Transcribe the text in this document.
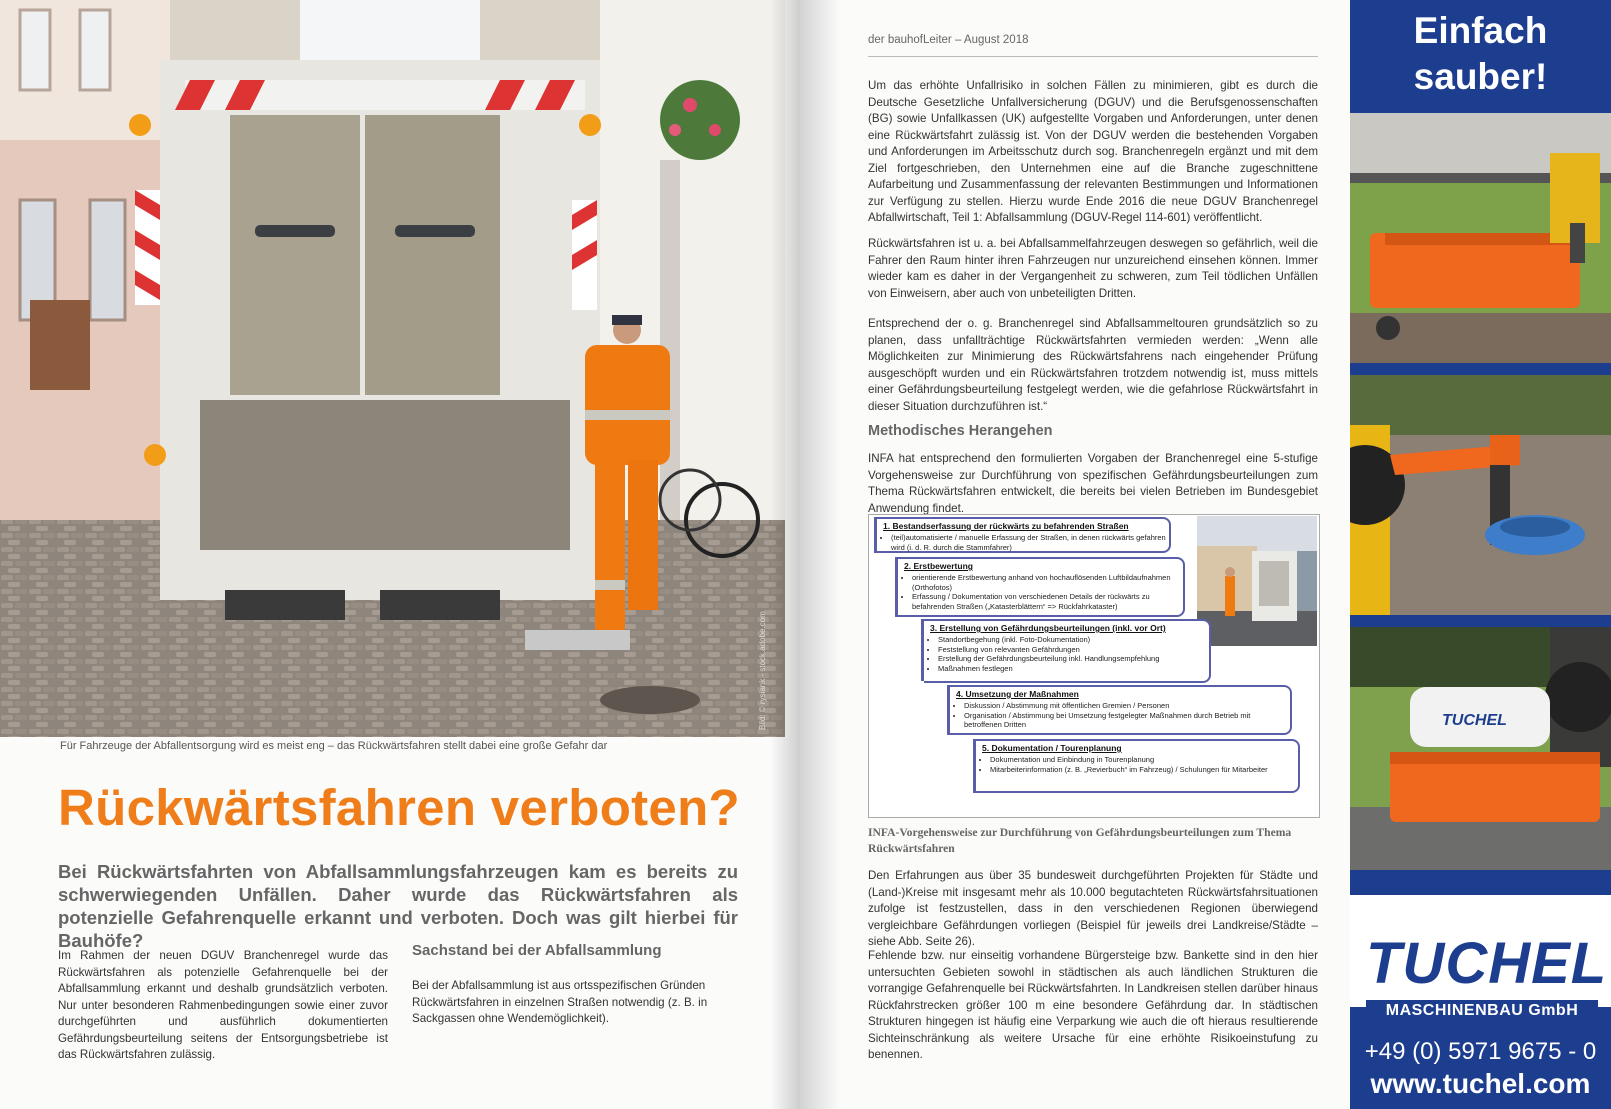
Bild: © rysiank - stock.adobe.com
Für Fahrzeuge der Abfallentsorgung wird es meist eng – das Rückwärtsfahren stellt dabei eine große Gefahr dar
Rückwärtsfahren verboten?
Bei Rückwärtsfahrten von Abfallsammlungsfahrzeugen kam es bereits zu schwerwiegenden Unfällen. Daher wurde das Rückwärtsfahren als potenzielle Gefahrenquelle erkannt und verboten. Doch was gilt hierbei für Bauhöfe?
Im Rahmen der neuen DGUV Branchenregel wurde das Rückwärtsfahren als potenzielle Gefahrenquelle bei der Abfallsammlung erkannt und deshalb grundsätzlich verboten. Nur unter besonderen Rahmenbedingungen sowie einer zuvor durchgeführten und ausführlich dokumentierten Gefährdungsbeurteilung seitens der Entsorgungsbetriebe ist das Rückwärtsfahren zulässig.
Sachstand bei der Abfallsammlung
Bei der Abfallsammlung ist aus ortsspezifischen Gründen Rückwärtsfahren in einzelnen Straßen notwendig (z. B. in Sackgassen ohne Wendemöglichkeit).
der bauhofLeiter – August 2018
Um das erhöhte Unfallrisiko in solchen Fällen zu minimieren, gibt es durch die Deutsche Gesetzliche Unfallversicherung (DGUV) und die Berufsgenossenschaften (BG) sowie Unfallkassen (UK) aufgestellte Vorgaben und Anforderungen, unter denen eine Rückwärtsfahrt zulässig ist. Von der DGUV werden die bestehenden Vorgaben und Anforderungen im Arbeitsschutz durch sog. Branchenregeln ergänzt und mit dem Ziel fortgeschrieben, den Unternehmen eine auf die Branche zugeschnittene Aufarbeitung und Zusammenfassung der relevanten Bestimmungen und Informationen zur Verfügung zu stellen. Hierzu wurde Ende 2016 die neue DGUV Branchenregel Abfallwirtschaft, Teil 1: Abfallsammlung (DGUV-Regel 114-601) veröffentlicht.
Rückwärtsfahren ist u. a. bei Abfallsammelfahrzeugen deswegen so gefährlich, weil die Fahrer den Raum hinter ihren Fahrzeugen nur unzureichend einsehen können. Immer wieder kam es daher in der Vergangenheit zu schweren, zum Teil tödlichen Unfällen von Einweisern, aber auch von unbeteiligten Dritten.
Entsprechend der o. g. Branchenregel sind Abfallsammeltouren grundsätzlich so zu planen, dass unfallträchtige Rückwärtsfahrten vermieden werden: „Wenn alle Möglichkeiten zur Minimierung des Rückwärtsfahrens nach eingehender Prüfung ausgeschöpft wurden und ein Rückwärtsfahren trotzdem notwendig ist, muss mittels einer Gefährdungsbeurteilung festgelegt werden, wie die gefahrlose Rückwärtsfahrt in dieser Situation durchzuführen ist.“
Methodisches Herangehen
INFA hat entsprechend den formulierten Vorgaben der Branchenregel eine 5-stufige Vorgehensweise zur Durchführung von spezifischen Gefährdungsbeurteilungen zum Thema Rückwärtsfahren entwickelt, die bereits bei vielen Betrieben im Bundesgebiet Anwendung findet.
1. Bestandserfassung der rückwärts zu befahrenden Straßen
• (teil)automatisierte / manuelle Erfassung der Straßen, in denen rückwärts gefahren wird (i. d. R. durch die Stammfahrer)
2. Erstbewertung
• orientierende Erstbewertung anhand von hochauflösenden Luftbildaufnahmen (Orthofotos)
• Erfassung / Dokumentation von verschiedenen Details der rückwärts zu befahrenden Straßen („Katasterblättern“ => Rückfahrkataster)
3. Erstellung von Gefährdungsbeurteilungen (inkl. vor Ort)
• Standortbegehung (inkl. Foto-Dokumentation)
• Feststellung von relevanten Gefährdungen
• Erstellung der Gefährdungsbeurteilung inkl. Handlungsempfehlung
• Maßnahmen festlegen
4. Umsetzung der Maßnahmen
• Diskussion / Abstimmung mit öffentlichen Gremien / Personen
• Organisation / Abstimmung bei Umsetzung festgelegter Maßnahmen durch Betrieb mit betroffenen Dritten
5. Dokumentation / Tourenplanung
• Dokumentation und Einbindung in Tourenplanung
• Mitarbeiterinformation (z. B. „Revierbuch“ im Fahrzeug) / Schulungen für Mitarbeiter
INFA-Vorgehensweise zur Durchführung von Gefährdungsbeurteilungen zum Thema Rückwärtsfahren
Den Erfahrungen aus über 35 bundesweit durchgeführten Projekten für Städte und (Land-)Kreise mit insgesamt mehr als 10.000 begutachteten Rückwärtsfahrsituationen zufolge ist festzustellen, dass in den verschiedenen Regionen überwiegend vergleichbare Gefährdungen vorliegen (Beispiel für jeweils drei Landkreise/Städte – siehe Abb. Seite 26).
Fehlende bzw. nur einseitig vorhandene Bürgersteige bzw. Bankette sind in den hier untersuchten Gebieten sowohl in städtischen als auch ländlichen Strukturen die vorrangige Gefahrenquelle bei Rückwärtsfahrten. In Landkreisen stellen darüber hinaus Rückfahrstrecken größer 100 m eine besondere Gefährdung dar. In städtischen Strukturen hingegen ist häufig eine Verparkung wie auch die oft hieraus resultierende Sichteinschränkung als weitere Ursache für eine erhöhte Risikoeinstufung zu benennen.
Einfach
sauber!
TUCHEL
TUCHEL
MASCHINENBAU GmbH
+49 (0) 5971 9675 - 0
www.tuchel.com
